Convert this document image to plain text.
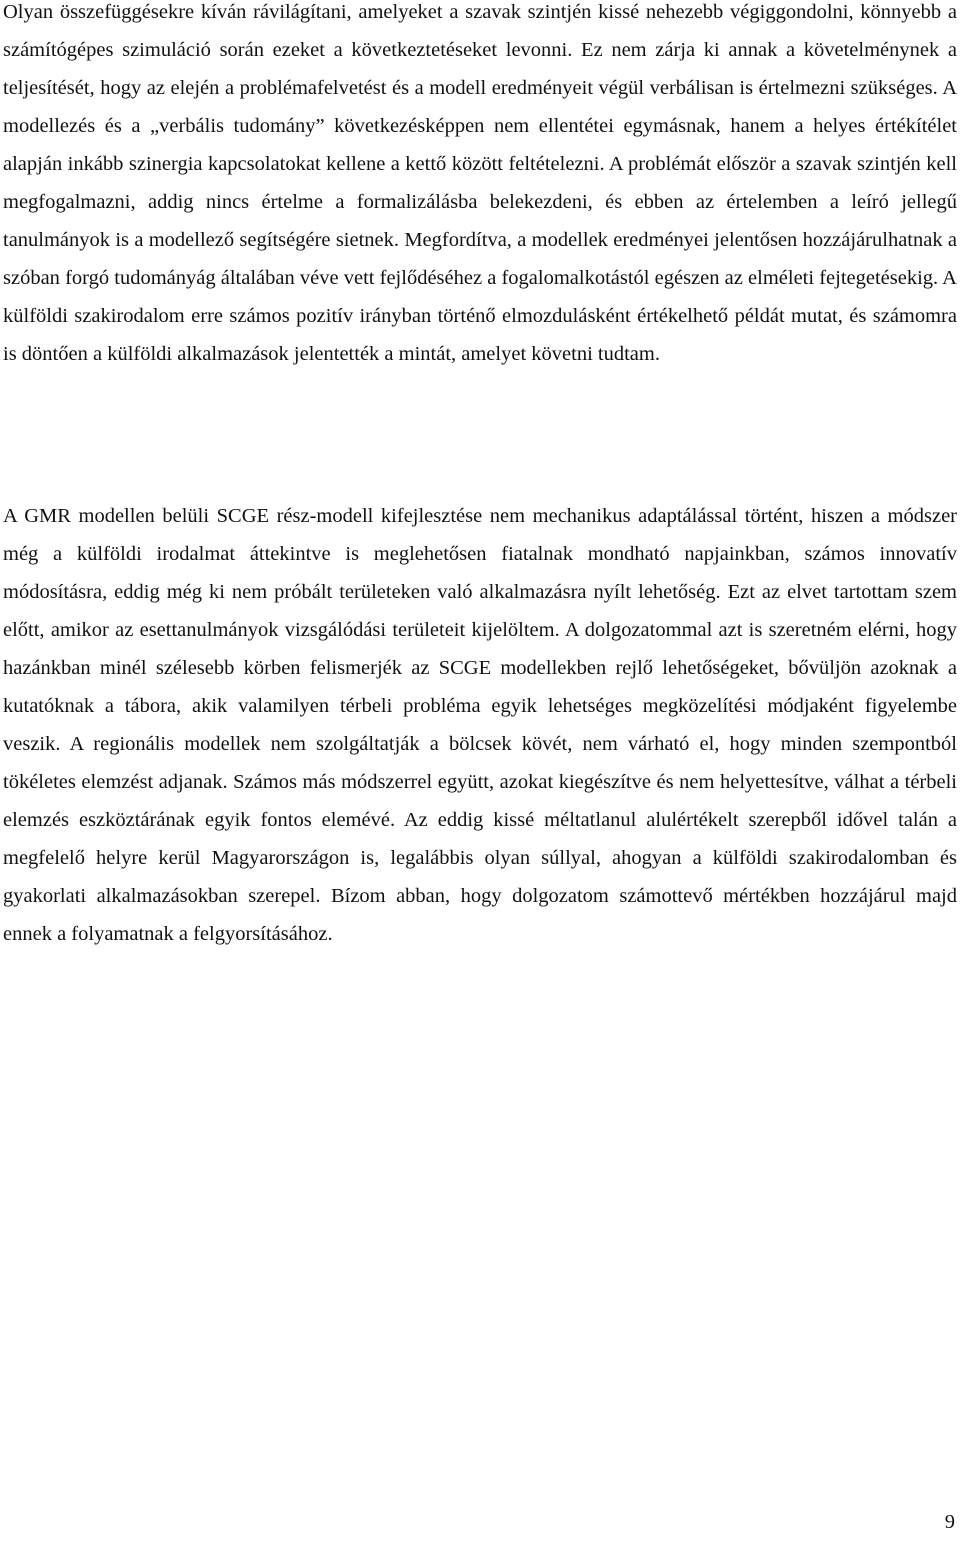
Olyan összefüggésekre kíván rávilágítani, amelyeket a szavak szintjén kissé nehezebb végiggondolni, könnyebb a számítógépes szimuláció során ezeket a következtetéseket levonni. Ez nem zárja ki annak a követelménynek a teljesítését, hogy az elején a problémafelvetést és a modell eredményeit végül verbálisan is értelmezni szükséges. A modellezés és a „verbális tudomány” következésképpen nem ellentétei egymásnak, hanem a helyes értékítélet alapján inkább szinergia kapcsolatokat kellene a kettő között feltételezni. A problémát először a szavak szintjén kell megfogalmazni, addig nincs értelme a formalizálásba belekezdeni, és ebben az értelemben a leíró jellegű tanulmányok is a modellező segítségére sietnek. Megfordítva, a modellek eredményei jelentősen hozzájárulhatnak a szóban forgó tudományág általában véve vett fejlődéséhez a fogalomalkotástól egészen az elméleti fejtegetésekig. A külföldi szakirodalom erre számos pozitív irányban történő elmozdulásként értékelhető példát mutat, és számomra is döntően a külföldi alkalmazások jelentették a mintát, amelyet követni tudtam.

A GMR modellen belüli SCGE rész-modell kifejlesztése nem mechanikus adaptálással történt, hiszen a módszer még a külföldi irodalmat áttekintve is meglehetősen fiatalnak mondható napjainkban, számos innovatív módosításra, eddig még ki nem próbált területeken való alkalmazásra nyílt lehetőség. Ezt az elvet tartottam szem előtt, amikor az esettanulmányok vizsgálódási területeit kijelöltem. A dolgozatommal azt is szeretném elérni, hogy hazánkban minél szélesebb körben felismerjék az SCGE modellekben rejlő lehetőségeket, bővüljön azoknak a kutatóknak a tábora, akik valamilyen térbeli probléma egyik lehetséges megközelítési módjaként figyelembe veszik. A regionális modellek nem szolgáltatják a bölcsek kövét, nem várható el, hogy minden szempontból tökéletes elemzést adjanak. Számos más módszerrel együtt, azokat kiegészítve és nem helyettesítve, válhat a térbeli elemzés eszköztárának egyik fontos elemévé. Az eddig kissé méltatlanul alulértékelt szerepből idővel talán a megfelelő helyre kerül Magyarországon is, legalábbis olyan súllyal, ahogyan a külföldi szakirodalomban és gyakorlati alkalmazásokban szerepel. Bízom abban, hogy dolgozatom számottevő mértékben hozzájárul majd ennek a folyamatnak a felgyorsításához.

9
